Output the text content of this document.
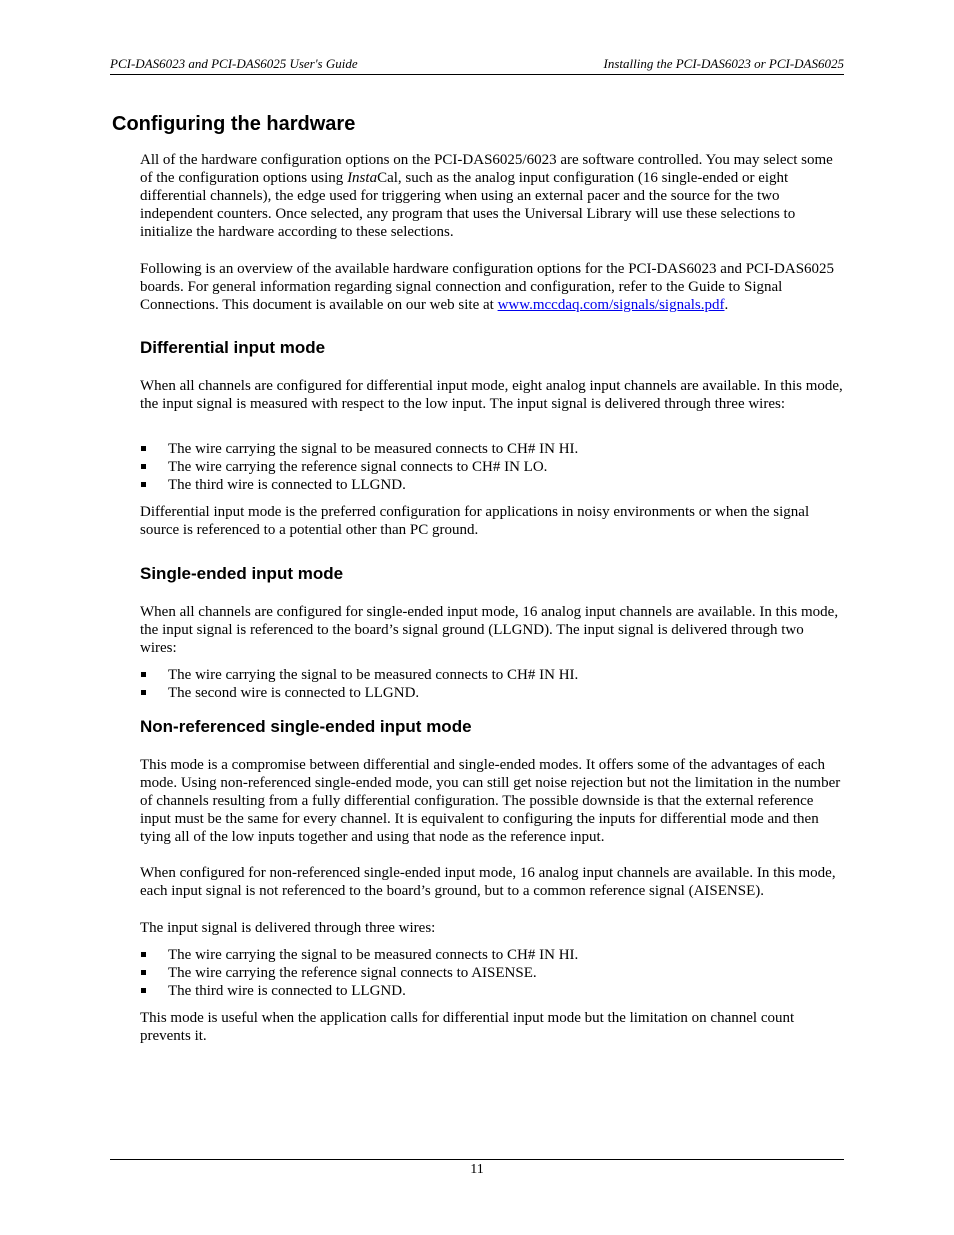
PCI-DAS6023 and PCI-DAS6025 User's Guide	Installing the PCI-DAS6023 or PCI-DAS6025
Configuring the hardware

All of the hardware configuration options on the PCI-DAS6025/6023 are software controlled. You may select some of the configuration options using InstaCal, such as the analog input configuration (16 single-ended or eight differential channels), the edge used for triggering when using an external pacer and the source for the two independent counters. Once selected, any program that uses the Universal Library will use these selections to initialize the hardware according to these selections.

Following is an overview of the available hardware configuration options for the PCI-DAS6023 and PCI-DAS6025 boards. For general information regarding signal connection and configuration, refer to the Guide to Signal Connections. This document is available on our web site at www.mccdaq.com/signals/signals.pdf.

Differential input mode

When all channels are configured for differential input mode, eight analog input channels are available. In this mode, the input signal is measured with respect to the low input. The input signal is delivered through three wires:

The wire carrying the signal to be measured connects to CH# IN HI.
The wire carrying the reference signal connects to CH# IN LO.
The third wire is connected to LLGND.

Differential input mode is the preferred configuration for applications in noisy environments or when the signal source is referenced to a potential other than PC ground.

Single-ended input mode

When all channels are configured for single-ended input mode, 16 analog input channels are available. In this mode, the input signal is referenced to the board’s signal ground (LLGND). The input signal is delivered through two wires:

The wire carrying the signal to be measured connects to CH# IN HI.
The second wire is connected to LLGND.
Non-referenced single-ended input mode

This mode is a compromise between differential and single-ended modes. It offers some of the advantages of each mode. Using non-referenced single-ended mode, you can still get noise rejection but not the limitation in the number of channels resulting from a fully differential configuration. The possible downside is that the external reference input must be the same for every channel. It is equivalent to configuring the inputs for differential mode and then tying all of the low inputs together and using that node as the reference input.

When configured for non-referenced single-ended input mode, 16 analog input channels are available. In this mode, each input signal is not referenced to the board’s ground, but to a common reference signal (AISENSE).

The input signal is delivered through three wires:

The wire carrying the signal to be measured connects to CH# IN HI.
The wire carrying the reference signal connects to AISENSE.
The third wire is connected to LLGND.

This mode is useful when the application calls for differential input mode but the limitation on channel count prevents it.

11
